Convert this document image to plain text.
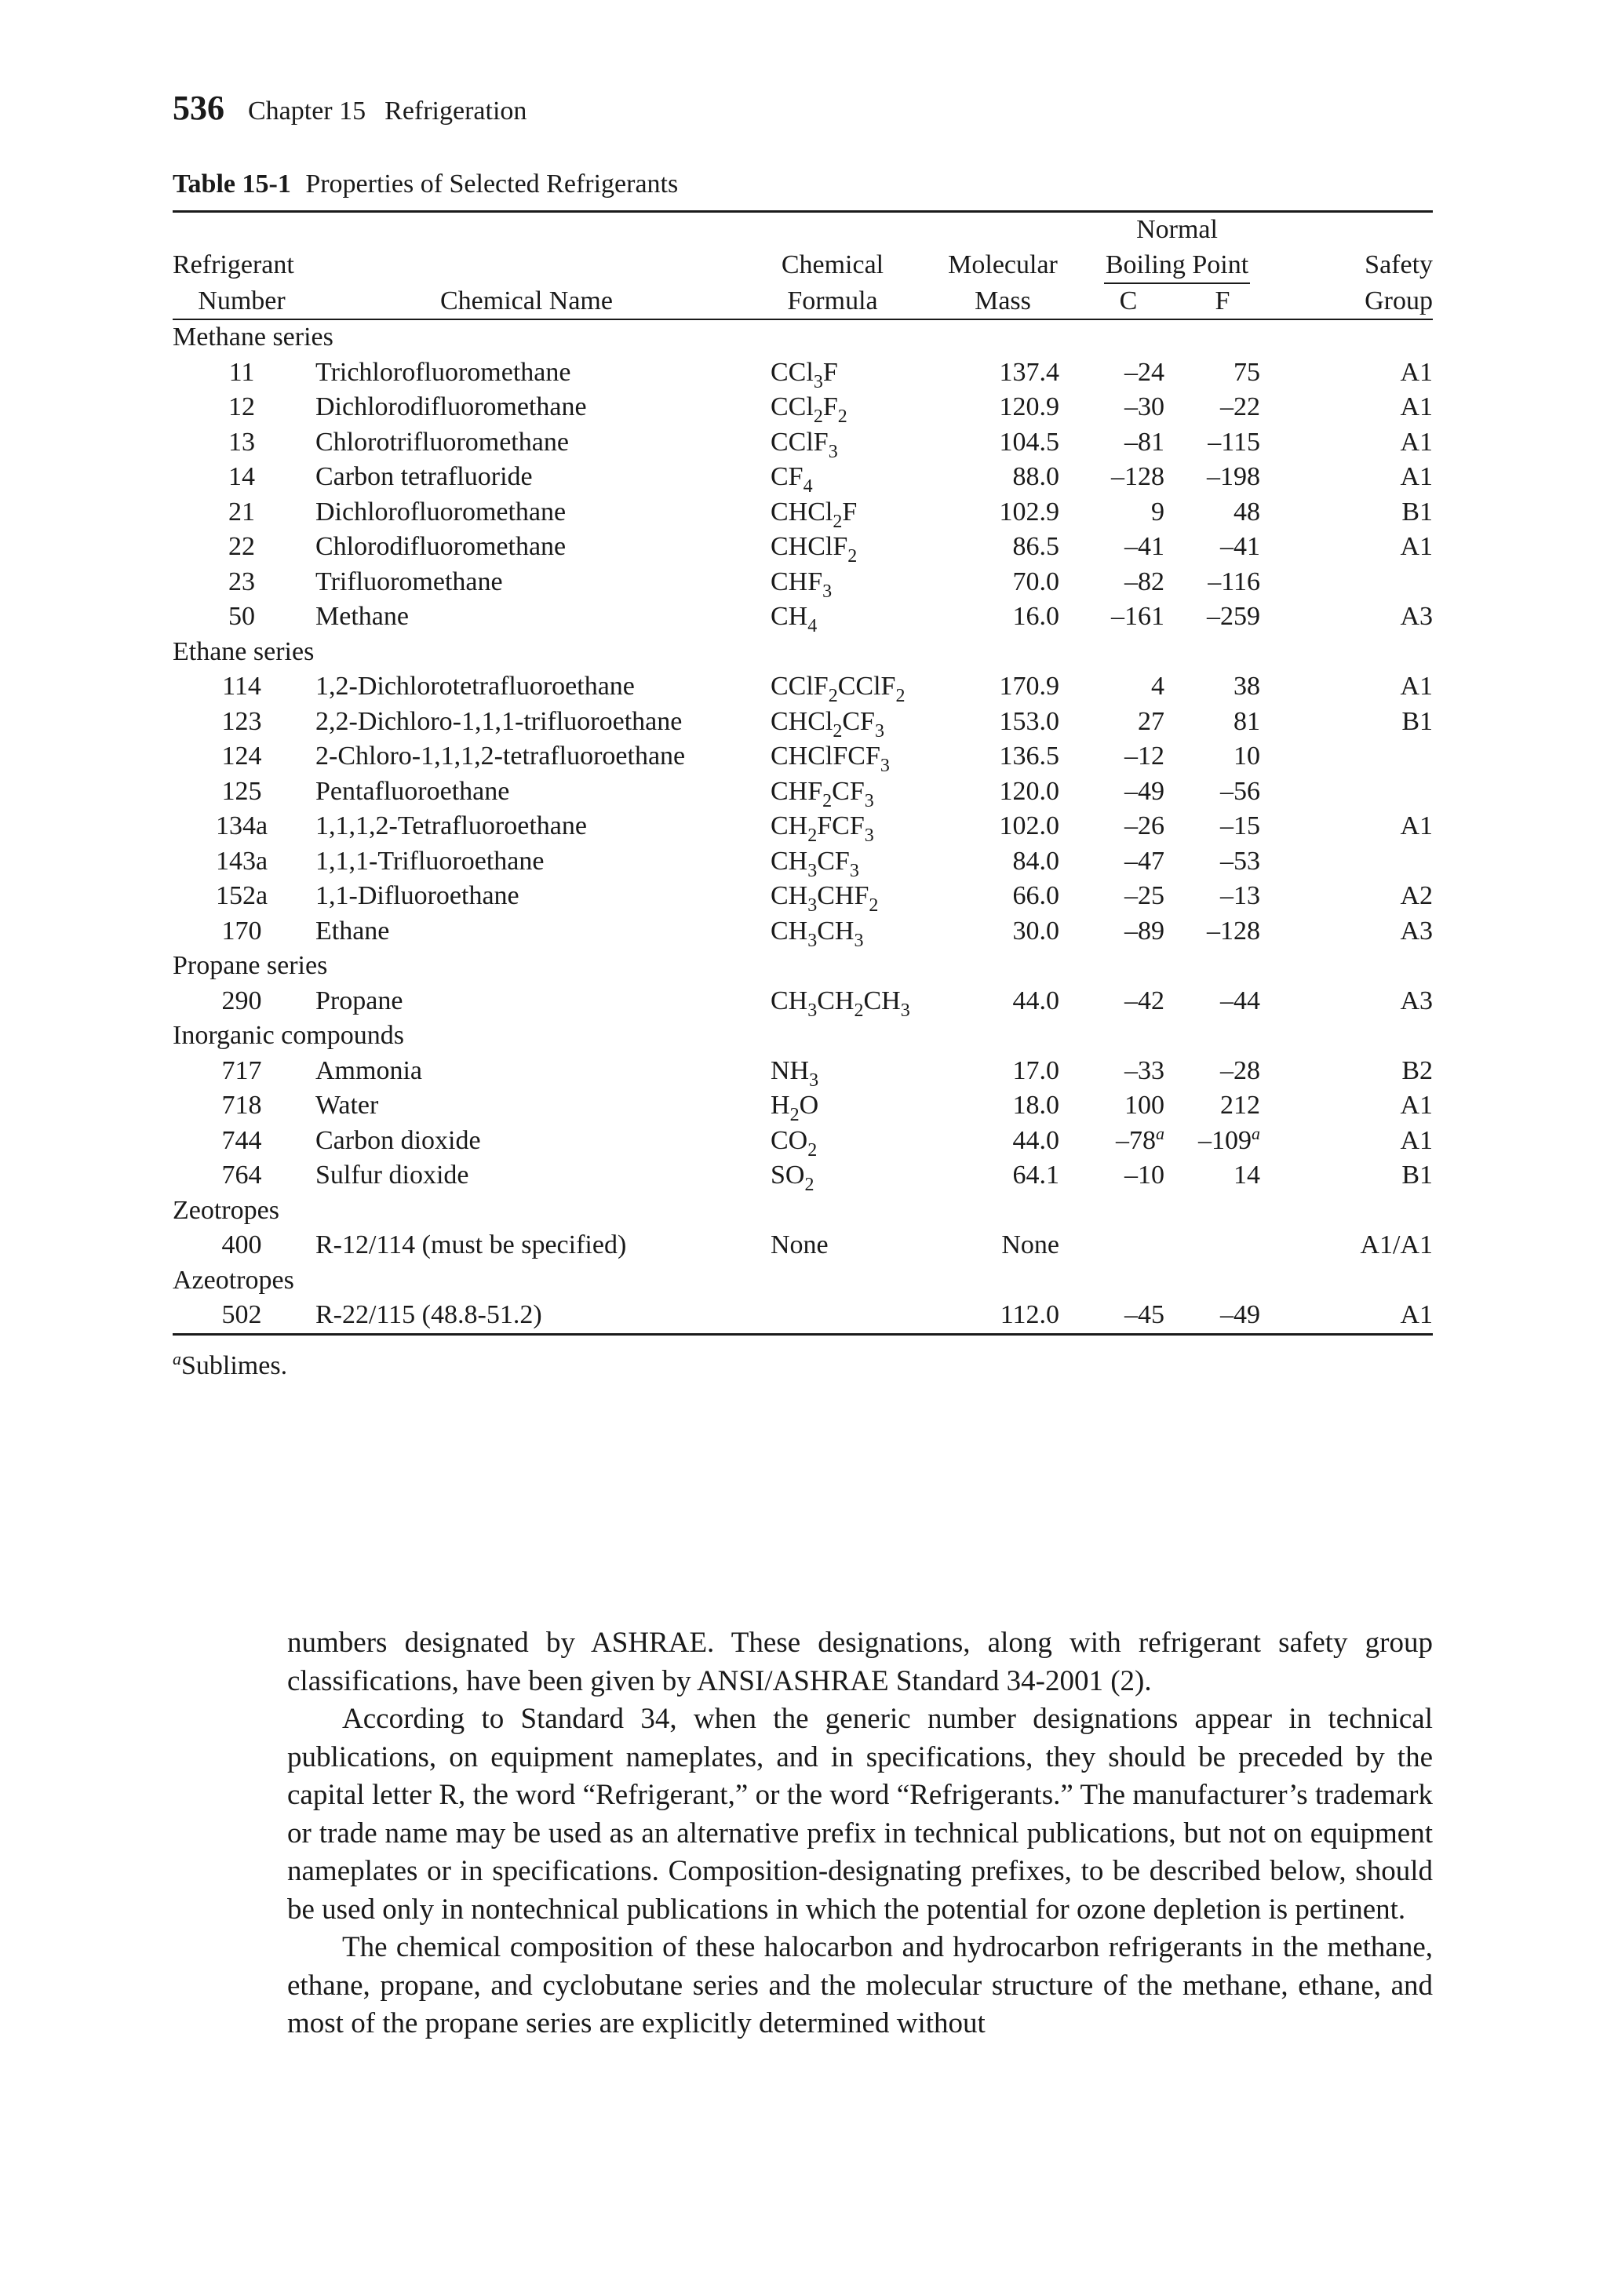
536 Chapter 15 Refrigeration
Table 15-1 Properties of Selected Refrigerants
				Normal		
Refrigerant		Chemical	Molecular	Boiling Point		Safety
Number	Chemical Name	Formula	Mass	C	F	Group
Methane series						
11	Trichlorofluoromethane	CCl$_3$F	137.4	–24	75	A1
12	Dichlorodifluoromethane	$CCl_2F_2$	120.9	–30	–22	A1
13	Chlorotrifluoromethane	CClF$_3$	104.5	–81	–115	A1
14	Carbon tetrafluoride	$CF_4$	88.0	–128	–198	A1
21	Dichlorofluoromethane	CHCl$_2$F	102.9	9	48	B1
22	Chlorodifluoromethane	CHClF$_2$	86.5	–41	–41	A1
23	Trifluoromethane	$CHF_3$	70.0	–82	–116	
50	Methane	$CH_4$	16.0	–161	–259	A3
Ethane series						
114	1,2-Dichlorotetrafluoroethane	CClF$_2$CClF$_2$	170.9	4	38	A1
123	2,2-Dichloro-1,1,1-trifluoroethane	$CHCl_2CF_3$	153.0	27	81	B1
124	2-Chloro-1,1,1,2-tetrafluoroethane	CHClFCF$_3$	136.5	–12	10	
125	Pentafluoroethane	$CHF_2CF_3$	120.0	–49	–56	
134a	1,1,1,2-Tetrafluoroethane	$CH_2FCF_3$	102.0	–26	–15	A1
143a	1,1,1-Trifluoroethane	$CH_3CF_3$	84.0	–47	–53	
152a	1,1-Difluoroethane	$CH_3CHF_2$	66.0	–25	–13	A2
170	Ethane	$CH_3CH_3$	30.0	–89	–128	A3
Propane series						
290	Propane	$CH_3CH_2CH_3$	44.0	–42	–44	A3
Inorganic compounds						
717	Ammonia	$NH_3$	17.0	–33	–28	B2
718	Water	$H_2O$	18.0	100	212	A1
744	Carbon dioxide	$CO_2$	44.0	–78$^a$	–109$^a$	A1
764	Sulfur dioxide	$SO_2$	64.1	–10	14	B1
Zeotropes						
400	R-12/114 (must be specified)	None	None			A1/A1
Azeotropes						
502	R-22/115 (48.8-51.2)		112.0	–45	–49	A1
$^a$Sublimes.

numbers designated by ASHRAE. These designations, along with refrigerant safety group classifications, have been given by ANSI/ASHRAE Standard 34-2001 (2).

According to Standard 34, when the generic number designations appear in technical publications, on equipment nameplates, and in specifications, they should be preceded by the capital letter R, the word “Refrigerant,” or the word “Refrigerants.” The manufacturer’s trademark or trade name may be used as an alternative prefix in technical publications, but not on equipment nameplates or in specifications. Composition-designating prefixes, to be described below, should be used only in nontechnical publications in which the potential for ozone depletion is pertinent.

The chemical composition of these halocarbon and hydrocarbon refrigerants in the methane, ethane, propane, and cyclobutane series and the molecular structure of the methane, ethane, and most of the propane series are explicitly determined without
